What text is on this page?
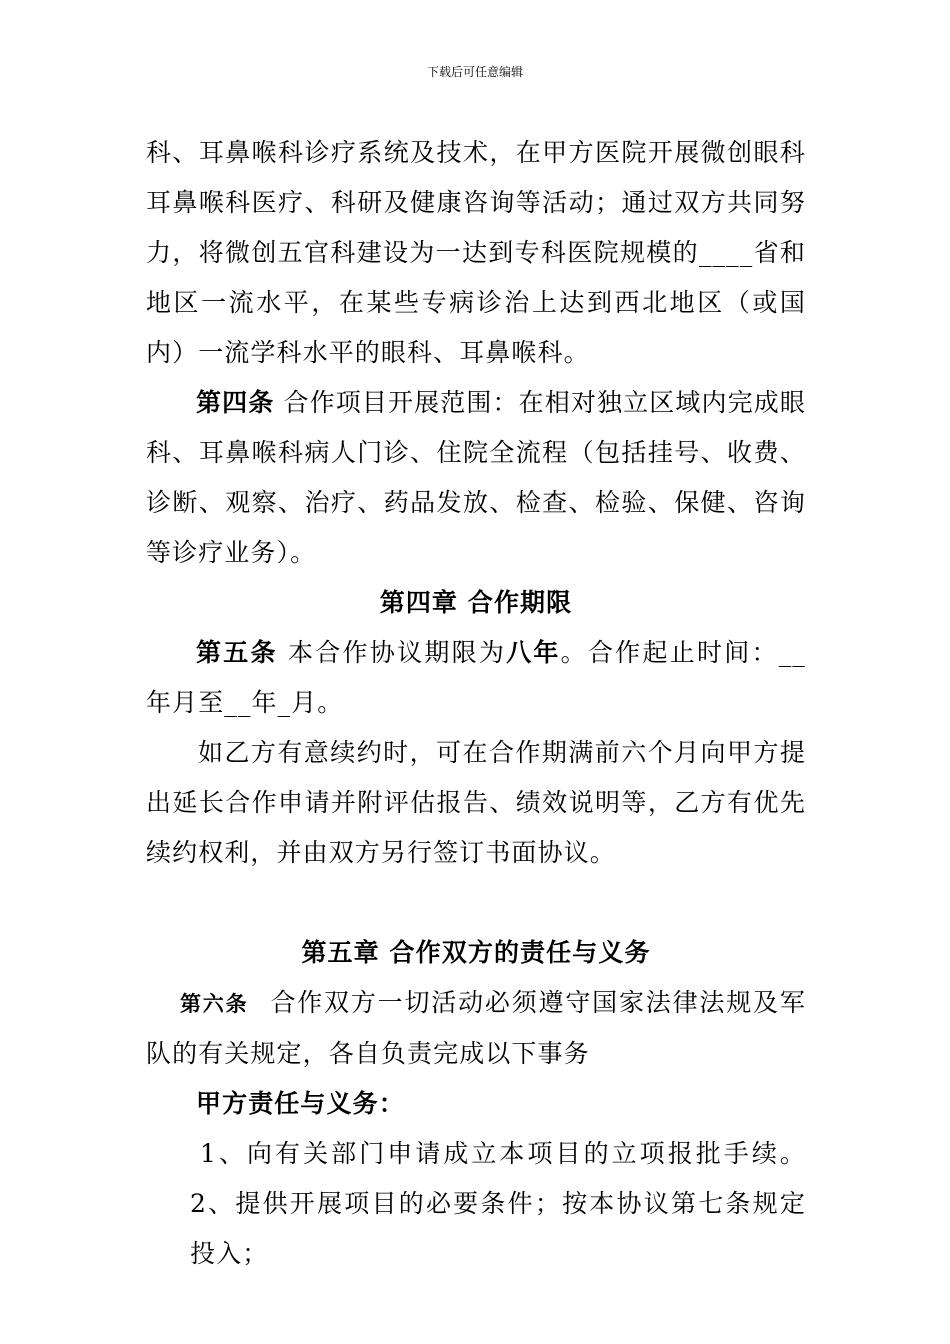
下载后可任意编辑

科、耳鼻喉科诊疗系统及技术，在甲方医院开展微创眼科耳鼻喉科医疗、科研及健康咨询等活动；通过双方共同努力，将微创五官科建设为一达到专科医院规模的____省和地区一流水平，在某些专病诊治上达到西北地区（或国内）一流学科水平的眼科、耳鼻喉科。

第四条 合作项目开展范围：在相对独立区域内完成眼科、耳鼻喉科病人门诊、住院全流程（包括挂号、收费、诊断、观察、治疗、药品发放、检查、检验、保健、咨询等诊疗业务）。

第四章 合作期限

第五条 本合作协议期限为八年。合作起止时间：__年月至__年_月。

如乙方有意续约时，可在合作期满前六个月向甲方提出延长合作申请并附评估报告、绩效说明等，乙方有优先续约权利，并由双方另行签订书面协议。

第五章 合作双方的责任与义务

第六条 合作双方一切活动必须遵守国家法律法规及军队的有关规定，各自负责完成以下事务

甲方责任与义务：

1、向有关部门申请成立本项目的立项报批手续。2、提供开展项目的必要条件；按本协议第七条规定投入；
